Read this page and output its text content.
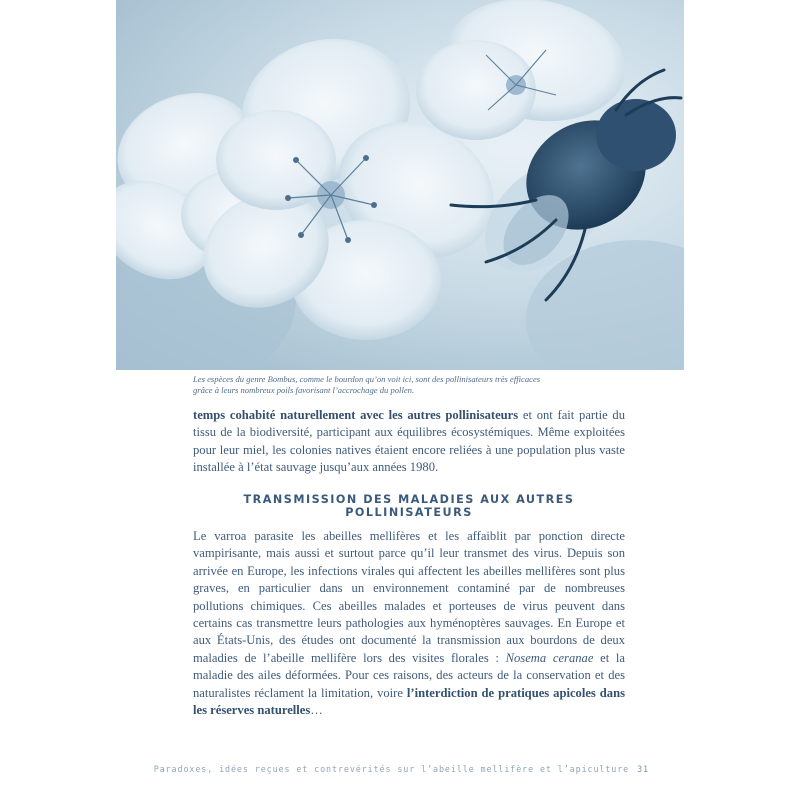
Les espèces du genre Bombus, comme le bourdon qu’on voit ici, sont des pollinisateurs très efficaces
grâce à leurs nombreux poils favorisant l’accrochage du pollen.

temps cohabité naturellement avec les autres pollinisateurs et ont fait partie du tissu de la biodiversité, participant aux équilibres écosystémiques. Même exploitées pour leur miel, les colonies natives étaient encore reliées à une population plus vaste installée à l’état sauvage jusqu’aux années 1980.

TRANSMISSION DES MALADIES AUX AUTRES POLLINISATEURS

Le varroa parasite les abeilles mellifères et les affaiblit par ponction directe vampirisante, mais aussi et surtout parce qu’il leur transmet des virus. Depuis son arrivée en Europe, les infections virales qui affectent les abeilles mellifères sont plus graves, en particulier dans un environnement contaminé par de nombreuses pollutions chimiques. Ces abeilles malades et porteuses de virus peuvent dans certains cas transmettre leurs pathologies aux hyménoptères sauvages. En Europe et aux États-Unis, des études ont documenté la transmission aux bourdons de deux maladies de l’abeille mellifère lors des visites florales : Nosema ceranae et la maladie des ailes déformées. Pour ces raisons, des acteurs de la conservation et des naturalistes réclament la limitation, voire l’interdiction de pratiques apicoles dans les réserves naturelles…

Paradoxes, idées reçues et contrevérités sur l’abeille mellifère et l’apiculture 31
